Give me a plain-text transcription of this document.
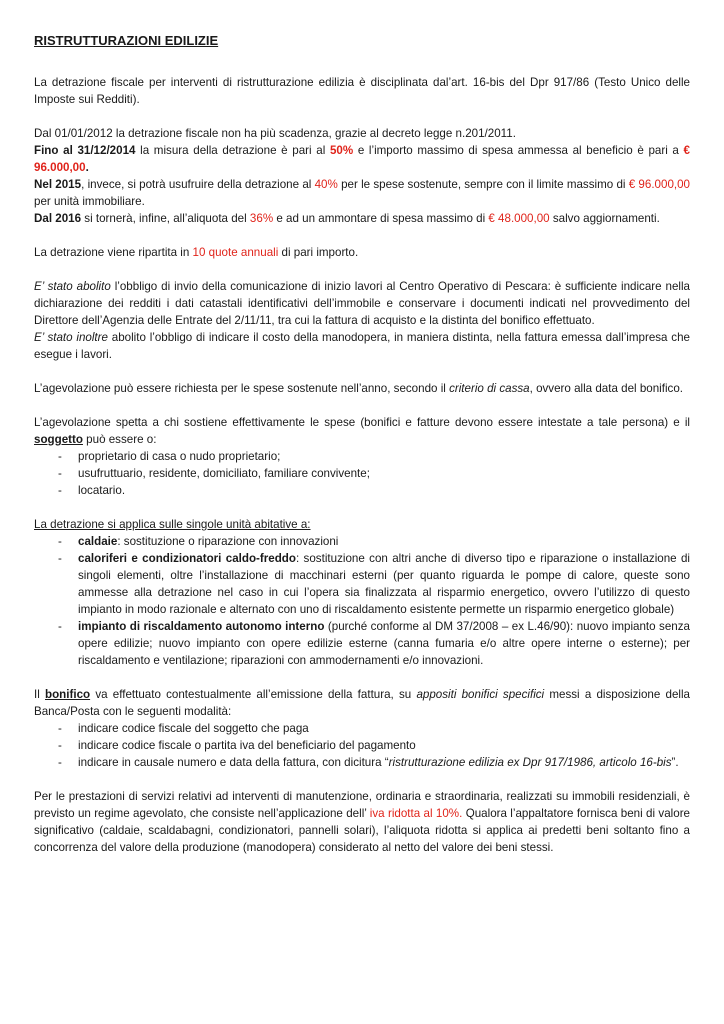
RISTRUTTURAZIONI EDILIZIE

La detrazione fiscale per interventi di ristrutturazione edilizia è disciplinata dal’art. 16-bis del Dpr 917/86 (Testo Unico delle Imposte sui Redditi).

Dal 01/01/2012 la detrazione fiscale non ha più scadenza, grazie al decreto legge n.201/2011.

Fino al 31/12/2014 la misura della detrazione è pari al 50% e l’importo massimo di spesa ammessa al beneficio è pari a € 96.000,00.

Nel 2015, invece, si potrà usufruire della detrazione al 40% per le spese sostenute, sempre con il limite massimo di € 96.000,00 per unità immobiliare.

Dal 2016 si tornerà, infine, all’aliquota del 36% e ad un ammontare di spesa massimo di € 48.000,00 salvo aggiornamenti.

La detrazione viene ripartita in 10 quote annuali di pari importo.

E’ stato abolito l’obbligo di invio della comunicazione di inizio lavori al Centro Operativo di Pescara: è sufficiente indicare nella dichiarazione dei redditi i dati catastali identificativi dell’immobile e conservare i documenti indicati nel provvedimento del Direttore dell’Agenzia delle Entrate del 2/11/11, tra cui la fattura di acquisto e la distinta del bonifico effettuato.

E’ stato inoltre abolito l’obbligo di indicare il costo della manodopera, in maniera distinta, nella fattura emessa dall’impresa che esegue i lavori.

L’agevolazione può essere richiesta per le spese sostenute nell’anno, secondo il criterio di cassa, ovvero alla data del bonifico.

L’agevolazione spetta a chi sostiene effettivamente le spese (bonifici e fatture devono essere intestate a tale persona) e il soggetto può essere o:

- proprietario di casa o nudo proprietario;
- usufruttuario, residente, domiciliato, familiare convivente;
- locatario.

La detrazione si applica sulle singole unità abitative a:

- caldaie: sostituzione o riparazione con innovazioni
- caloriferi e condizionatori caldo-freddo: sostituzione con altri anche di diverso tipo e riparazione o installazione di singoli elementi, oltre l’installazione di macchinari esterni (per quanto riguarda le pompe di calore, queste sono ammesse alla detrazione nel caso in cui l’opera sia finalizzata al risparmio energetico, ovvero l’utilizzo di questo impianto in modo razionale e alternato con uno di riscaldamento esistente permette un risparmio energetico globale)
- impianto di riscaldamento autonomo interno (purché conforme al DM 37/2008 – ex L.46/90): nuovo impianto senza opere edilizie; nuovo impianto con opere edilizie esterne (canna fumaria e/o altre opere interne o esterne); per riscaldamento e ventilazione; riparazioni con ammodernamenti e/o innovazioni.

Il bonifico va effettuato contestualmente all’emissione della fattura, su appositi bonifici specifici messi a disposizione della Banca/Posta con le seguenti modalità:

- indicare codice fiscale del soggetto che paga
- indicare codice fiscale o partita iva del beneficiario del pagamento
- indicare in causale numero e data della fattura, con dicitura “ristrutturazione edilizia ex Dpr 917/1986, articolo 16-bis”.

Per le prestazioni di servizi relativi ad interventi di manutenzione, ordinaria e straordinaria, realizzati su immobili residenziali, è previsto un regime agevolato, che consiste nell’applicazione dell’ iva ridotta al 10%. Qualora l’appaltatore fornisca beni di valore significativo (caldaie, scaldabagni, condizionatori, pannelli solari), l’aliquota ridotta si applica ai predetti beni soltanto fino a concorrenza del valore della produzione (manodopera) considerato al netto del valore dei beni stessi.
